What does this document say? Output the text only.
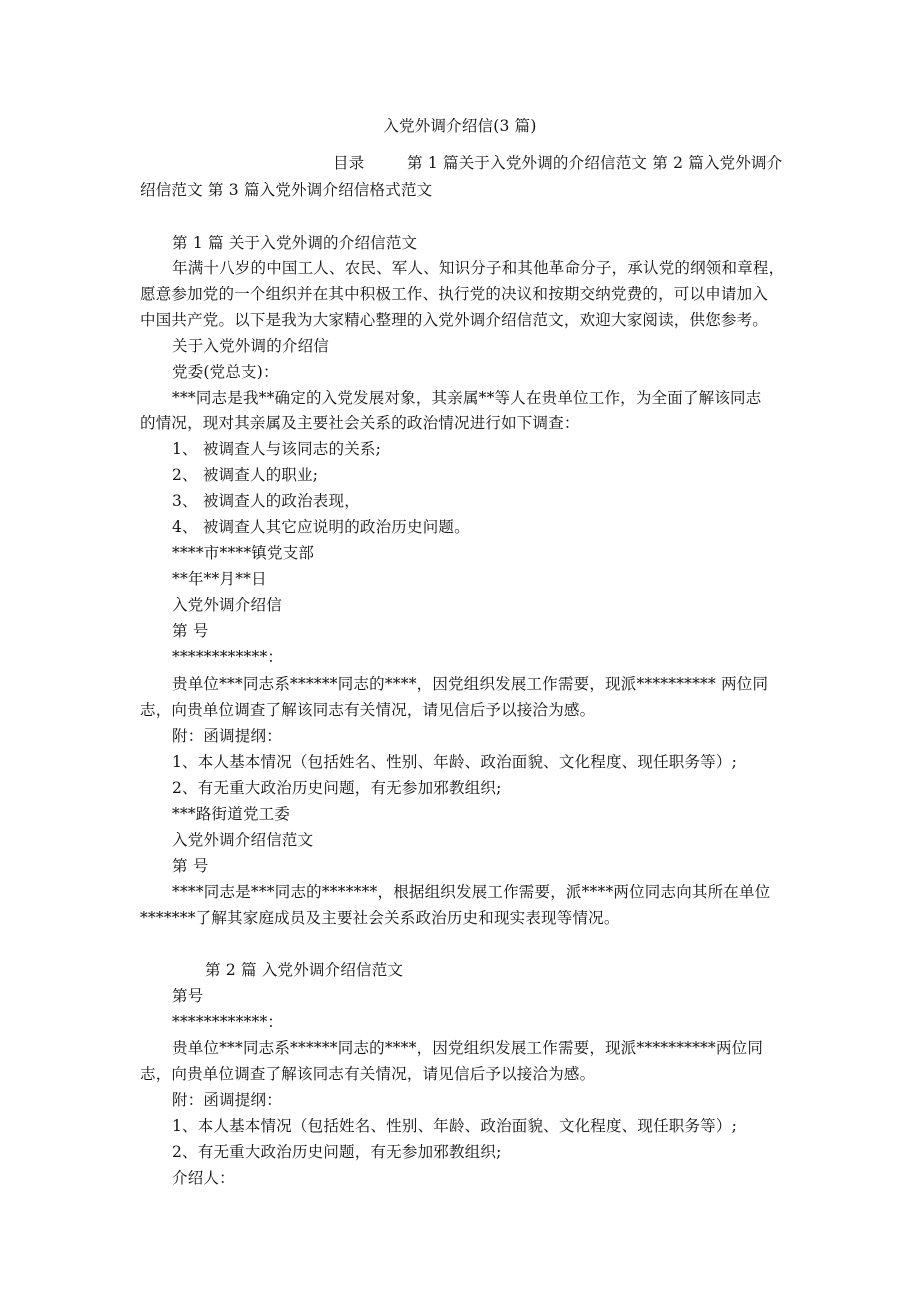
入党外调介绍信(3 篇)
目录	第 1 篇关于入党外调的介绍信范文 第 2 篇入党外调介
绍信范文 第 3 篇入党外调介绍信格式范文
第 1 篇 关于入党外调的介绍信范文
年满十八岁的中国工人、农民、军人、知识分子和其他革命分子，承认党的纲领和章程，
愿意参加党的一个组织并在其中积极工作、执行党的决议和按期交纳党费的，可以申请加入
中国共产党。以下是我为大家精心整理的入党外调介绍信范文，欢迎大家阅读，供您参考。
关于入党外调的介绍信
党委(党总支)：
***同志是我**确定的入党发展对象，其亲属**等人在贵单位工作，为全面了解该同志
的情况，现对其亲属及主要社会关系的政治情况进行如下调查：
1、 被调查人与该同志的关系;
2、 被调查人的职业;
3、 被调查人的政治表现，
4、 被调查人其它应说明的政治历史问题。
****市****镇党支部
**年**月**日
入党外调介绍信
第 号
************：
贵单位***同志系******同志的****，因党组织发展工作需要，现派********** 两位同
志，向贵单位调查了解该同志有关情况，请见信后予以接洽为感。
附：函调提纲：
1、本人基本情况（包括姓名、性别、年龄、政治面貌、文化程度、现任职务等）;
2、有无重大政治历史问题，有无参加邪教组织;
***路街道党工委
入党外调介绍信范文
第 号
****同志是***同志的*******，根据组织发展工作需要，派****两位同志向其所在单位
*******了解其家庭成员及主要社会关系政治历史和现实表现等情况。
第 2 篇 入党外调介绍信范文
第号
************：
贵单位***同志系******同志的****，因党组织发展工作需要，现派**********两位同
志，向贵单位调查了解该同志有关情况，请见信后予以接洽为感。
附：函调提纲：
1、本人基本情况（包括姓名、性别、年龄、政治面貌、文化程度、现任职务等）;
2、有无重大政治历史问题，有无参加邪教组织;
介绍人：
